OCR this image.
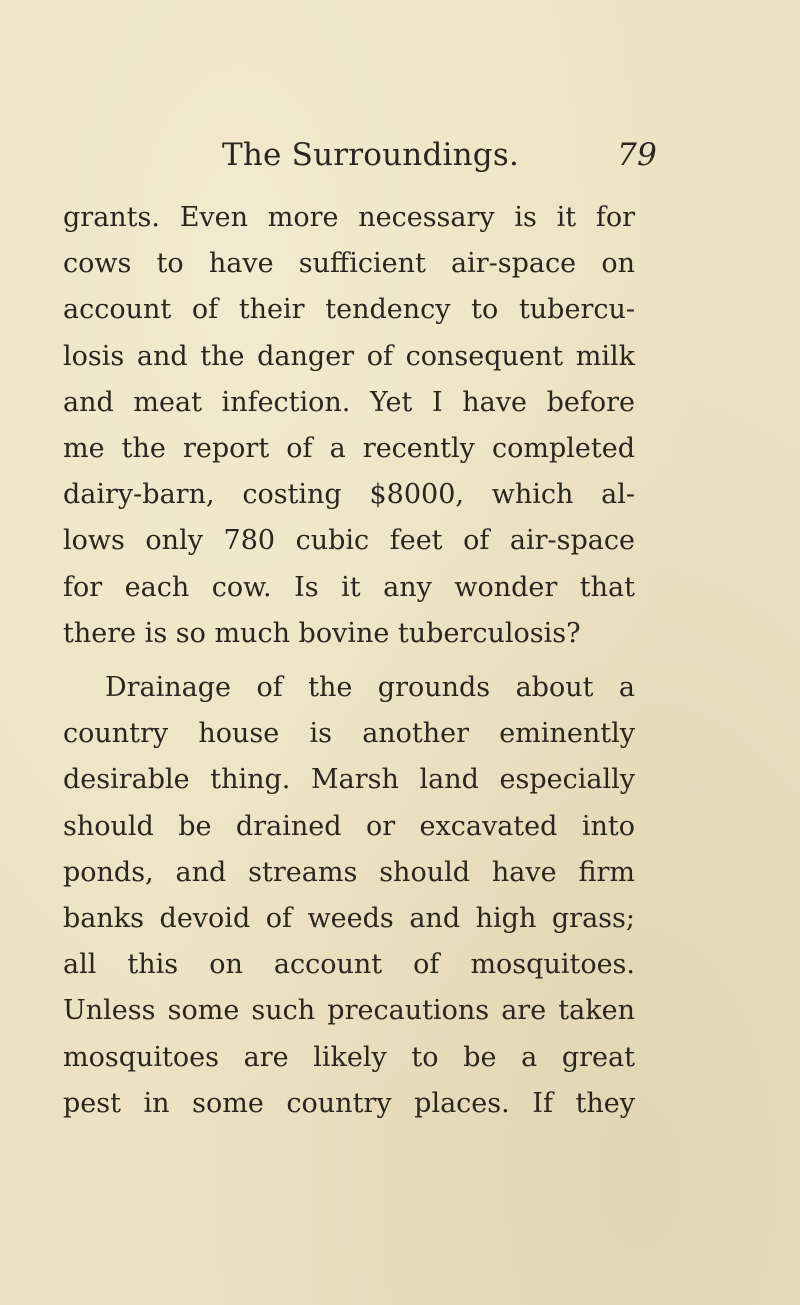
The Surroundings.	79

grants. Even more necessary is it for
cows to have sufficient air-space on
account of their tendency to tubercu-
losis and the danger of consequent milk
and meat infection. Yet I have before
me the report of a recently completed
dairy-barn, costing $8000, which al-
lows only 780 cubic feet of air-space
for each cow. Is it any wonder that
there is so much bovine tuberculosis?

Drainage of the grounds about a
country house is another eminently
desirable thing. Marsh land especially
should be drained or excavated into
ponds, and streams should have firm
banks devoid of weeds and high grass;
all this on account of mosquitoes.
Unless some such precautions are taken
mosquitoes are likely to be a great
pest in some country places. If they
